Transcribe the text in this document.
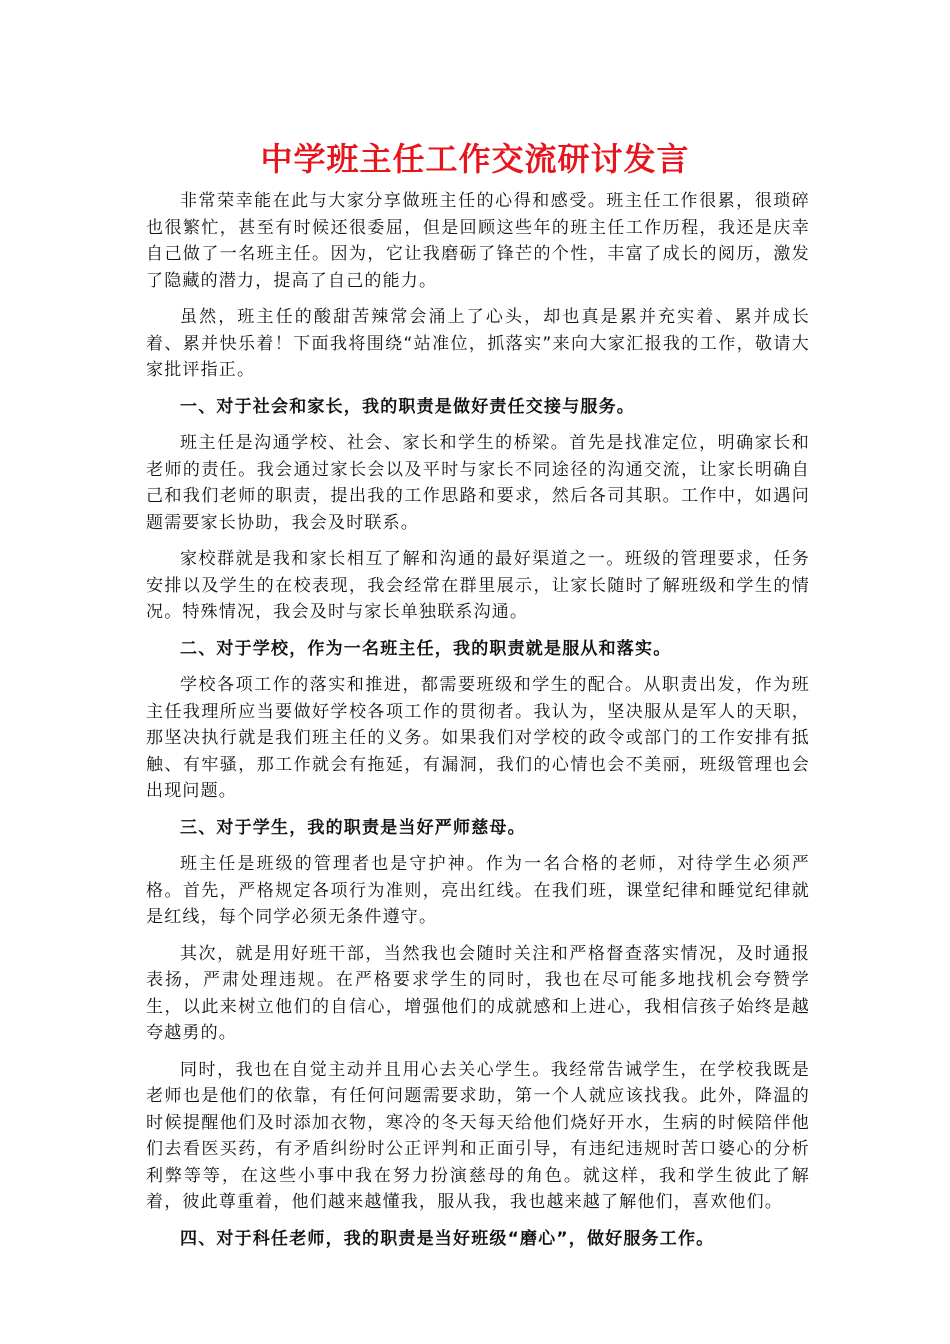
中学班主任工作交流研讨发言

非常荣幸能在此与大家分享做班主任的心得和感受。班主任工作很累，很琐碎也很繁忙，甚至有时候还很委屈，但是回顾这些年的班主任工作历程，我还是庆幸自己做了一名班主任。因为，它让我磨砺了锋芒的个性，丰富了成长的阅历，激发了隐藏的潜力，提高了自己的能力。

虽然，班主任的酸甜苦辣常会涌上了心头，却也真是累并充实着、累并成长着、累并快乐着！下面我将围绕“站准位，抓落实”来向大家汇报我的工作，敬请大家批评指正。

一、对于社会和家长，我的职责是做好责任交接与服务。

班主任是沟通学校、社会、家长和学生的桥梁。首先是找准定位，明确家长和老师的责任。我会通过家长会以及平时与家长不同途径的沟通交流，让家长明确自己和我们老师的职责，提出我的工作思路和要求，然后各司其职。工作中，如遇问题需要家长协助，我会及时联系。

家校群就是我和家长相互了解和沟通的最好渠道之一。班级的管理要求，任务安排以及学生的在校表现，我会经常在群里展示，让家长随时了解班级和学生的情况。特殊情况，我会及时与家长单独联系沟通。

二、对于学校，作为一名班主任，我的职责就是服从和落实。

学校各项工作的落实和推进，都需要班级和学生的配合。从职责出发，作为班主任我理所应当要做好学校各项工作的贯彻者。我认为，坚决服从是军人的天职，那坚决执行就是我们班主任的义务。如果我们对学校的政令或部门的工作安排有抵触、有牢骚，那工作就会有拖延，有漏洞，我们的心情也会不美丽，班级管理也会出现问题。

三、对于学生，我的职责是当好严师慈母。

班主任是班级的管理者也是守护神。作为一名合格的老师，对待学生必须严格。首先，严格规定各项行为准则，亮出红线。在我们班，课堂纪律和睡觉纪律就是红线，每个同学必须无条件遵守。

其次，就是用好班干部，当然我也会随时关注和严格督查落实情况，及时通报表扬，严肃处理违规。在严格要求学生的同时，我也在尽可能多地找机会夸赞学生，以此来树立他们的自信心，增强他们的成就感和上进心，我相信孩子始终是越夸越勇的。

同时，我也在自觉主动并且用心去关心学生。我经常告诫学生，在学校我既是老师也是他们的依靠，有任何问题需要求助，第一个人就应该找我。此外，降温的时候提醒他们及时添加衣物，寒冷的冬天每天给他们烧好开水，生病的时候陪伴他们去看医买药，有矛盾纠纷时公正评判和正面引导，有违纪违规时苦口婆心的分析利弊等等，在这些小事中我在努力扮演慈母的角色。就这样，我和学生彼此了解着，彼此尊重着，他们越来越懂我，服从我，我也越来越了解他们，喜欢他们。

四、对于科任老师，我的职责是当好班级“磨心”，做好服务工作。
